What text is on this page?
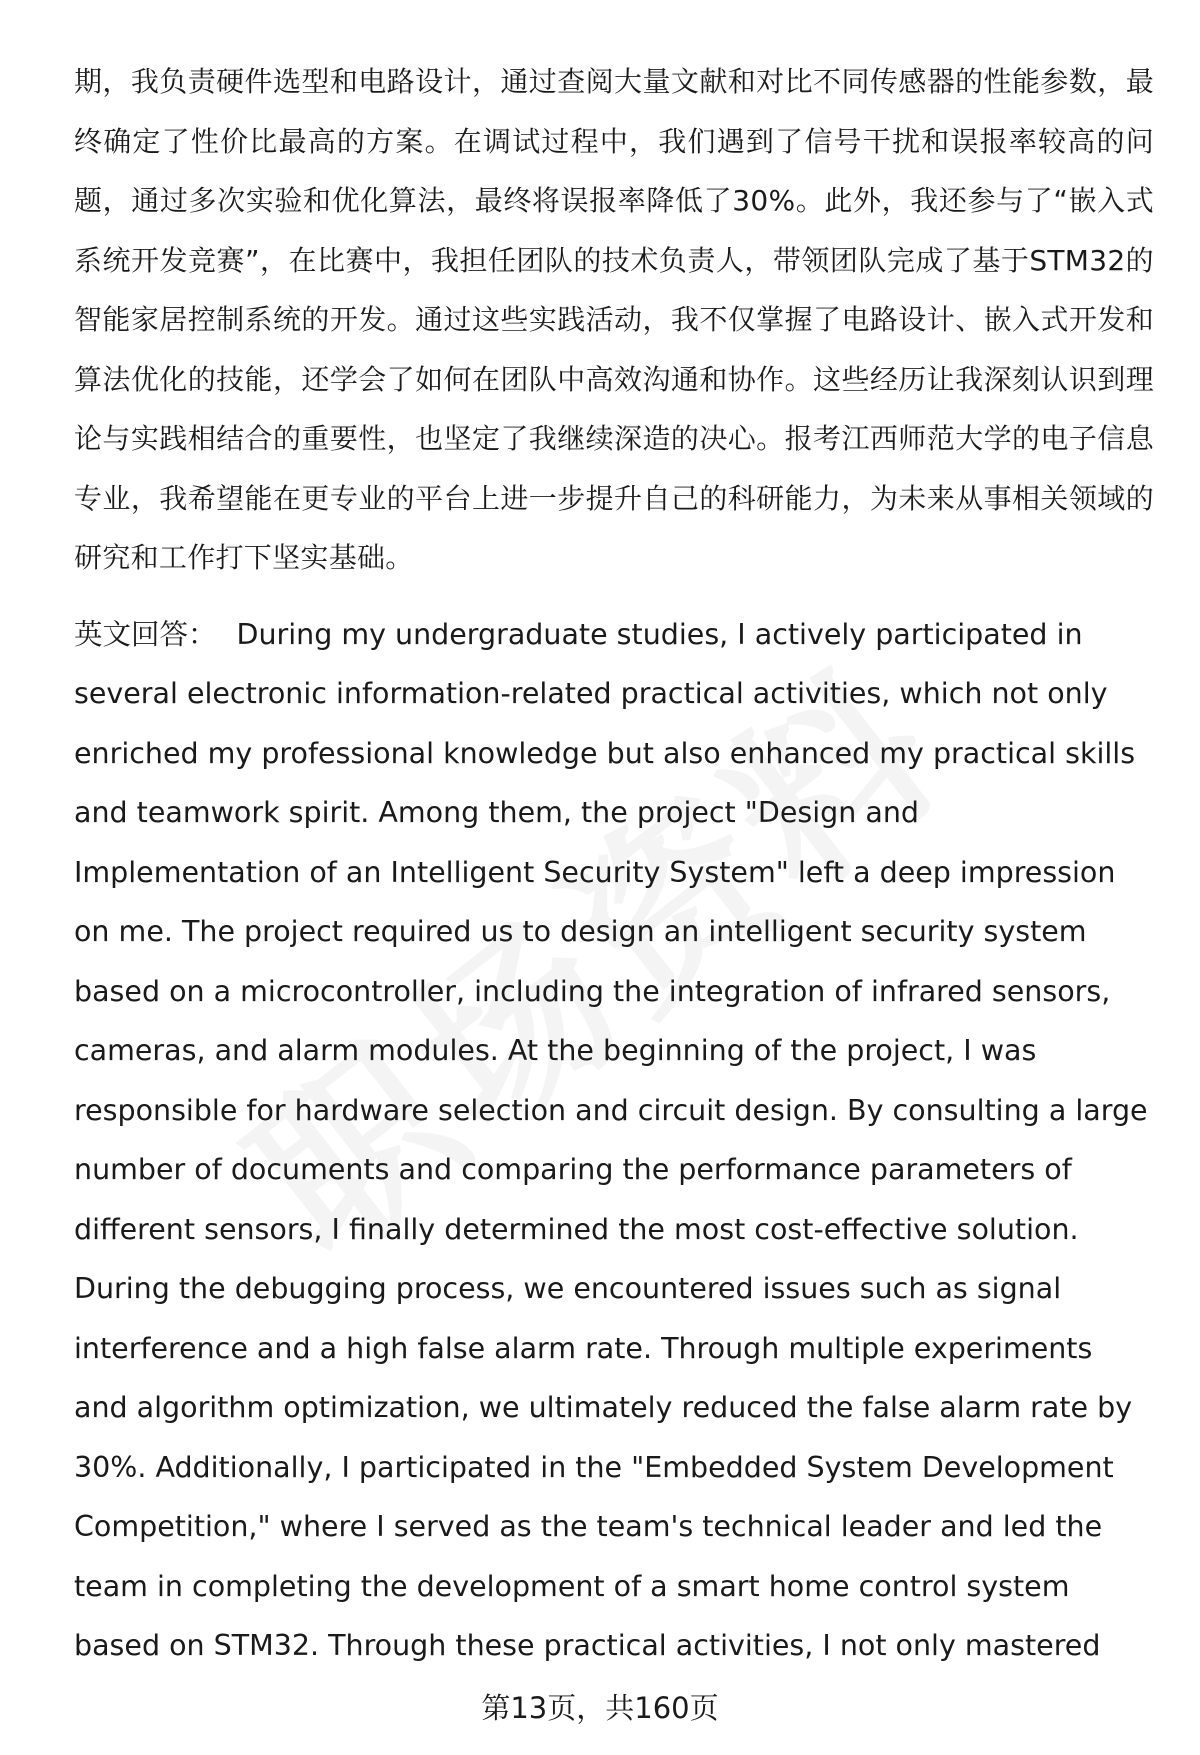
期，我负责硬件选型和电路设计，通过查阅大量文献和对比不同传感器的性能参数，最终确定了性价比最高的方案。在调试过程中，我们遇到了信号干扰和误报率较高的问题，通过多次实验和优化算法，最终将误报率降低了30%。此外，我还参与了“嵌入式系统开发竞赛”，在比赛中，我担任团队的技术负责人，带领团队完成了基于STM32的智能家居控制系统的开发。通过这些实践活动，我不仅掌握了电路设计、嵌入式开发和算法优化的技能，还学会了如何在团队中高效沟通和协作。这些经历让我深刻认识到理论与实践相结合的重要性，也坚定了我继续深造的决心。报考江西师范大学的电子信息专业，我希望能在更专业的平台上进一步提升自己的科研能力，为未来从事相关领域的研究和工作打下坚实基础。

英文回答： During my undergraduate studies, I actively participated in several electronic information-related practical activities, which not only enriched my professional knowledge but also enhanced my practical skills and teamwork spirit. Among them, the project "Design and Implementation of an Intelligent Security System" left a deep impression on me. The project required us to design an intelligent security system based on a microcontroller, including the integration of infrared sensors, cameras, and alarm modules. At the beginning of the project, I was responsible for hardware selection and circuit design. By consulting a large number of documents and comparing the performance parameters of different sensors, I finally determined the most cost-effective solution. During the debugging process, we encountered issues such as signal interference and a high false alarm rate. Through multiple experiments and algorithm optimization, we ultimately reduced the false alarm rate by 30%. Additionally, I participated in the "Embedded System Development Competition," where I served as the team's technical leader and led the team in completing the development of a smart home control system based on STM32. Through these practical activities, I not only mastered

第13页，共160页
